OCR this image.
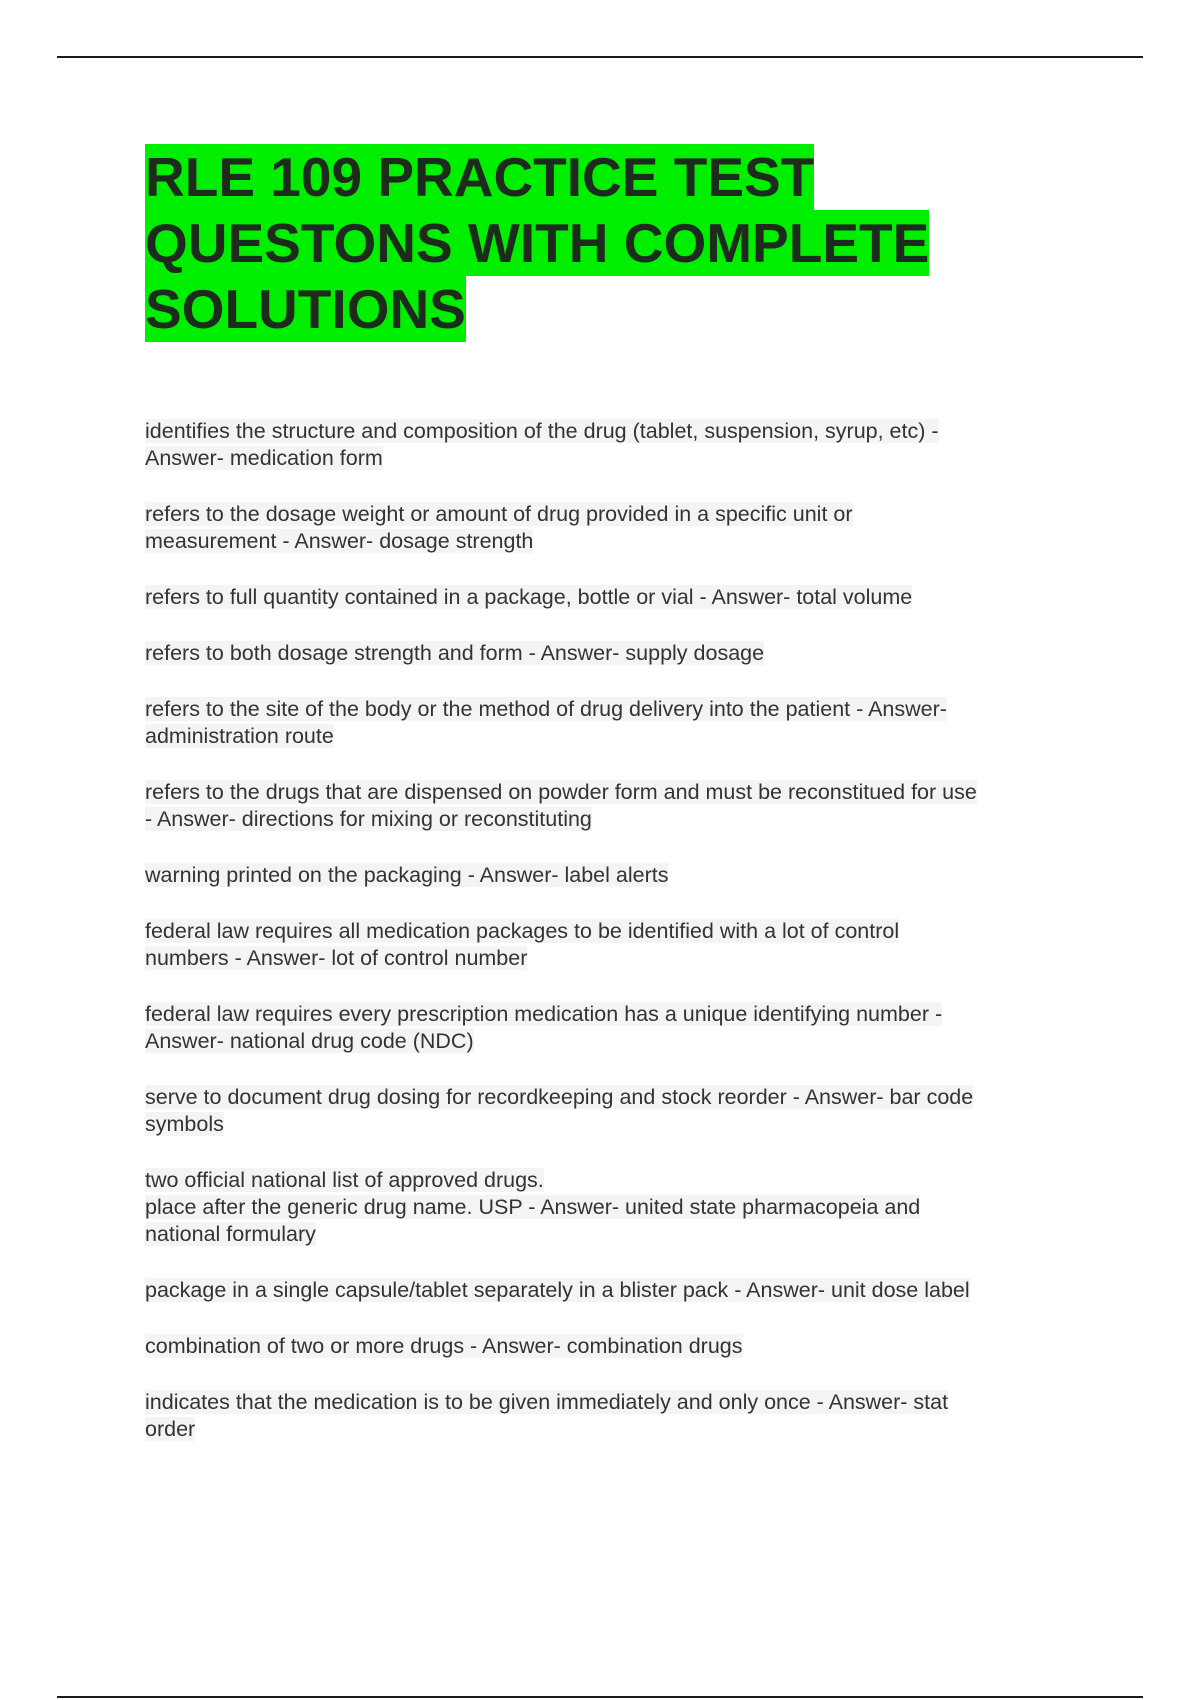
RLE 109 PRACTICE TEST
QUESTONS WITH COMPLETE
SOLUTIONS
identifies the structure and composition of the drug (tablet, suspension, syrup, etc) -
Answer- medication form
refers to the dosage weight or amount of drug provided in a specific unit or
measurement - Answer- dosage strength
refers to full quantity contained in a package, bottle or vial - Answer- total volume
refers to both dosage strength and form - Answer- supply dosage
refers to the site of the body or the method of drug delivery into the patient - Answer-
administration route
refers to the drugs that are dispensed on powder form and must be reconstitued for use
- Answer- directions for mixing or reconstituting
warning printed on the packaging - Answer- label alerts
federal law requires all medication packages to be identified with a lot of control
numbers - Answer- lot of control number
federal law requires every prescription medication has a unique identifying number -
Answer- national drug code (NDC)
serve to document drug dosing for recordkeeping and stock reorder - Answer- bar code
symbols
two official national list of approved drugs.
place after the generic drug name. USP - Answer- united state pharmacopeia and
national formulary
package in a single capsule/tablet separately in a blister pack - Answer- unit dose label
combination of two or more drugs - Answer- combination drugs
indicates that the medication is to be given immediately and only once - Answer- stat
order
